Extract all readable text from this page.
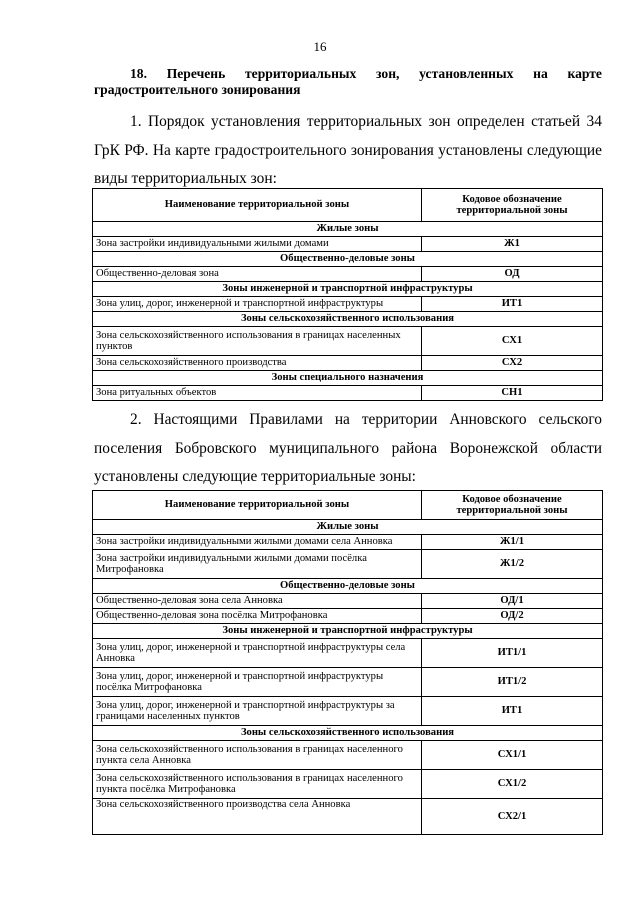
16
18. Перечень территориальных зон, установленных на карте
градостроительного зонирования
1. Порядок установления территориальных зон определен статьей 34
ГрК РФ. На карте градостроительного зонирования установлены следующие
виды территориальных зон:
Наименование территориальной зоны	Кодовое обозначение территориальной зоны
Жилые зоны	
Зона застройки индивидуальными жилыми домами	Ж1
Общественно-деловые зоны	
Общественно-деловая зона	ОД
Зоны инженерной и транспортной инфраструктуры	
Зона улиц, дорог, инженерной и транспортной инфраструктуры	ИТ1
Зоны сельскохозяйственного использования	
Зона сельскохозяйственного использования в границах населенных пунктов	СХ1
Зона сельскохозяйственного производства	СХ2
Зоны специального назначения	
Зона ритуальных объектов	СН1
2. Настоящими Правилами на территории Анновского сельского
поселения Бобровского муниципального района Воронежской области
установлены следующие территориальные зоны:
Наименование территориальной зоны	Кодовое обозначение территориальной зоны
Жилые зоны	
Зона застройки индивидуальными жилыми домами села Анновка	Ж1/1
Зона застройки индивидуальными жилыми домами посёлка Митрофановка	Ж1/2
Общественно-деловые зоны	
Общественно-деловая зона села Анновка	ОД/1
Общественно-деловая зона посёлка Митрофановка	ОД/2
Зоны инженерной и транспортной инфраструктуры	
Зона улиц, дорог, инженерной и транспортной инфраструктуры села Анновка	ИТ1/1
Зона улиц, дорог, инженерной и транспортной инфраструктуры посёлка Митрофановка	ИТ1/2
Зона улиц, дорог, инженерной и транспортной инфраструктуры за границами населенных пунктов	ИТ1
Зоны сельскохозяйственного использования	
Зона сельскохозяйственного использования в границах населенного пункта села Анновка	СХ1/1
Зона сельскохозяйственного использования в границах населенного пункта посёлка Митрофановка	СХ1/2
Зона сельскохозяйственного производства села Анновка	СХ2/1
